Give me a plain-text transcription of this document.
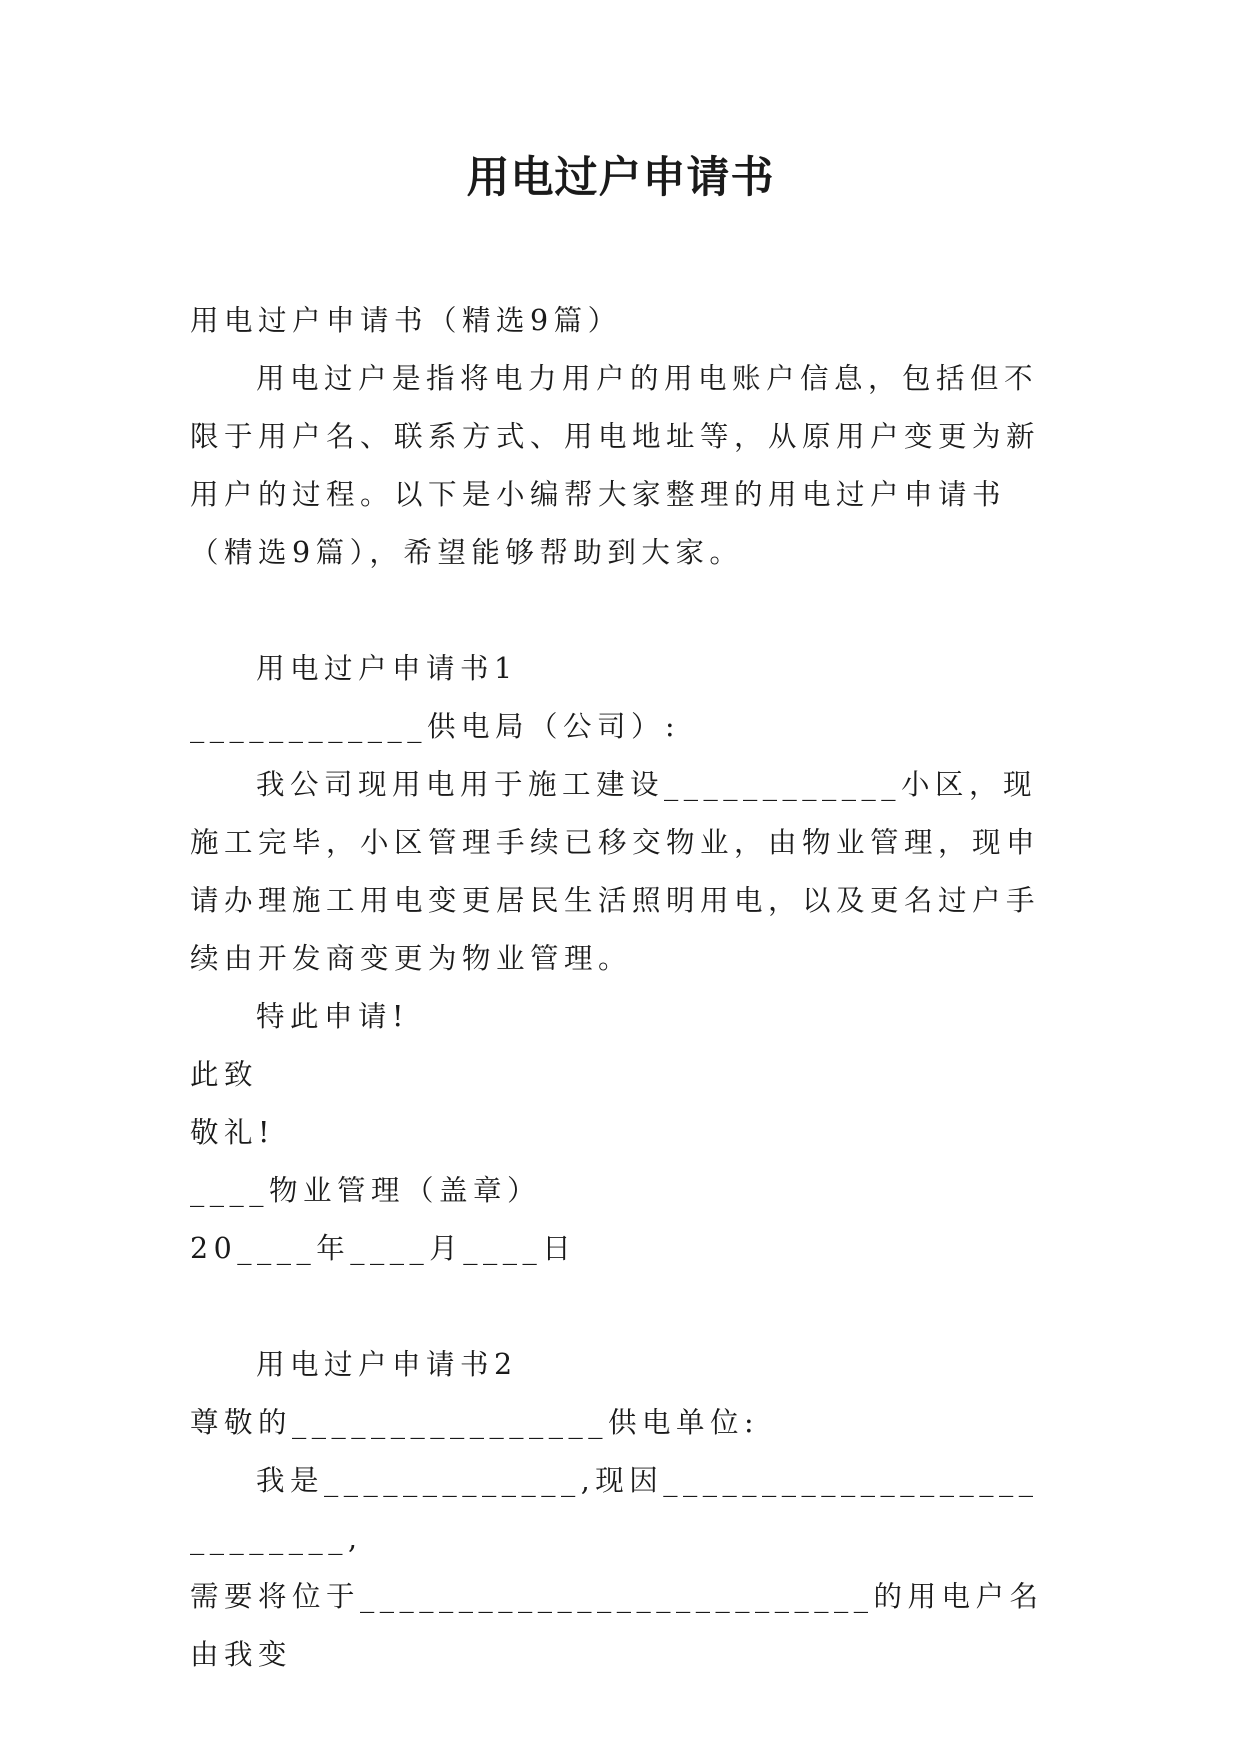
用电过户申请书

用电过户申请书（精选9篇）

用电过户是指将电力用户的用电账户信息，包括但不限于用户名、联系方式、用电地址等，从原用户变更为新用户的过程。以下是小编帮大家整理的用电过户申请书（精选9篇），希望能够帮助到大家。

用电过户申请书1

____________供电局（公司）:

我公司现用电用于施工建设____________小区，现施工完毕，小区管理手续已移交物业，由物业管理，现申请办理施工用电变更居民生活照明用电，以及更名过户手续由开发商变更为物业管理。

特此申请!

此致

敬礼!

____物业管理（盖章）

20____年____月____日

用电过户申请书2

尊敬的________________供电单位:

我是_____________,现因___________________________,

需要将位于__________________________的用电户名由我变
